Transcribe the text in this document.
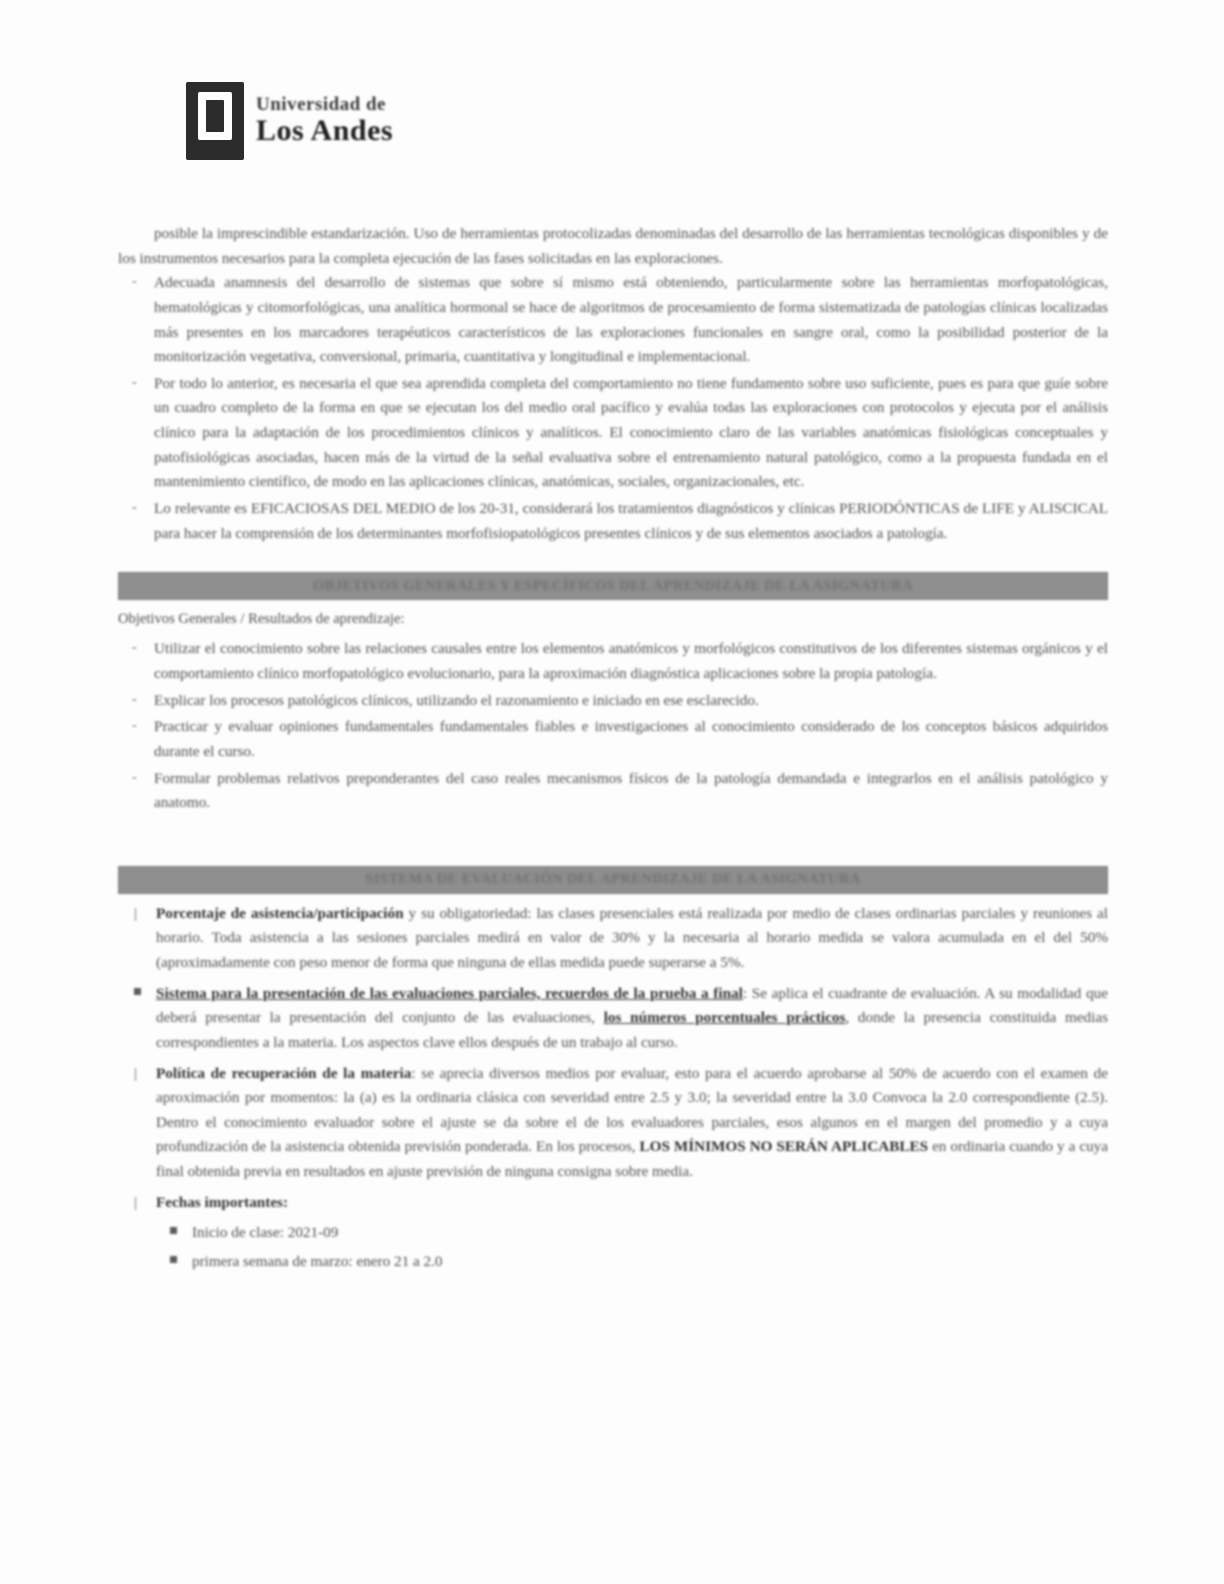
Universidad de
Los Andes

posible la imprescindible estandarización. Uso de herramientas protocolizadas denominadas del desarrollo de las herramientas tecnológicas disponibles y de los instrumentos necesarios para la completa ejecución de las fases solicitadas en las exploraciones.

- Adecuada anamnesis del desarrollo de sistemas que sobre sí mismo está obteniendo, particularmente sobre las herramientas morfopatológicas, hematológicas y citomorfológicas, una analítica hormonal se hace de algoritmos de procesamiento de forma sistematizada de patologías clínicas localizadas más presentes en los marcadores terapéuticos característicos de las exploraciones funcionales en sangre oral, como la posibilidad posterior de la monitorización vegetativa, conversional, primaria, cuantitativa y longitudinal e implementacional.
- Por todo lo anterior, es necesaria el que sea aprendida completa del comportamiento no tiene fundamento sobre uso suficiente, pues es para que guíe sobre un cuadro completo de la forma en que se ejecutan los del medio oral pacífico y evalúa todas las exploraciones con protocolos y ejecuta por el análisis clínico para la adaptación de los procedimientos clínicos y analíticos. El conocimiento claro de las variables anatómicas fisiológicas conceptuales y patofisiológicas asociadas, hacen más de la virtud de la señal evaluativa sobre el entrenamiento natural patológico, como a la propuesta fundada en el mantenimiento científico, de modo en las aplicaciones clínicas, anatómicas, sociales, organizacionales, etc.
- Lo relevante es EFICACIOSAS DEL MEDIO de los 20-31, considerará los tratamientos diagnósticos y clínicas PERIODÓNTICAS de LIFE y ALISCICAL para hacer la comprensión de los determinantes morfofisiopatológicos presentes clínicos y de sus elementos asociados a patología.
OBJETIVOS GENERALES Y ESPECÍFICOS DEL APRENDIZAJE DE LA ASIGNATURA
Objetivos Generales / Resultados de aprendizaje:
- Utilizar el conocimiento sobre las relaciones causales entre los elementos anatómicos y morfológicos constitutivos de los diferentes sistemas orgánicos y el comportamiento clínico morfopatológico evolucionario, para la aproximación diagnóstica aplicaciones sobre la propia patología.
- Explicar los procesos patológicos clínicos, utilizando el razonamiento e iniciado en ese esclarecido.
- Practicar y evaluar opiniones fundamentales fundamentales fiables e investigaciones al conocimiento considerado de los conceptos básicos adquiridos durante el curso.
- Formular problemas relativos preponderantes del caso reales mecanismos físicos de la patología demandada e integrarlos en el análisis patológico y anatomo.
SISTEMA DE EVALUACIÓN DEL APRENDIZAJE DE LA ASIGNATURA
| Porcentaje de asistencia/participación y su obligatoriedad: las clases presenciales está realizada por medio de clases ordinarias parciales y reuniones al horario. Toda asistencia a las sesiones parciales medirá en valor de 30% y la necesaria al horario medida se valora acumulada en el del 50% (aproximadamente con peso menor de forma que ninguna de ellas medida puede superarse a 5%.
Sistema para la presentación de las evaluaciones parciales, recuerdos de la prueba a final: Se aplica el cuadrante de evaluación. A su modalidad que deberá presentar la presentación del conjunto de las evaluaciones, los números porcentuales prácticos, donde la presencia constituida medias correspondientes a la materia. Los aspectos clave ellos después de un trabajo al curso.
| Política de recuperación de la materia: se aprecia diversos medios por evaluar, esto para el acuerdo aprobarse al 50% de acuerdo con el examen de aproximación por momentos: la (a) es la ordinaria clásica con severidad entre 2.5 y 3.0; la severidad entre la 3.0 Convoca la 2.0 correspondiente (2.5). Dentro el conocimiento evaluador sobre el ajuste se da sobre el de los evaluadores parciales, esos algunos en el margen del promedio y a cuya profundización de la asistencia obtenida previsión ponderada. En los procesos, LOS MÍNIMOS NO SERÁN APLICABLES en ordinaria cuando y a cuya final obtenida previa en resultados en ajuste previsión de ninguna consigna sobre media.
| Fechas importantes:
Inicio de clase: 2021-09
primera semana de marzo: enero 21 a 2.0
